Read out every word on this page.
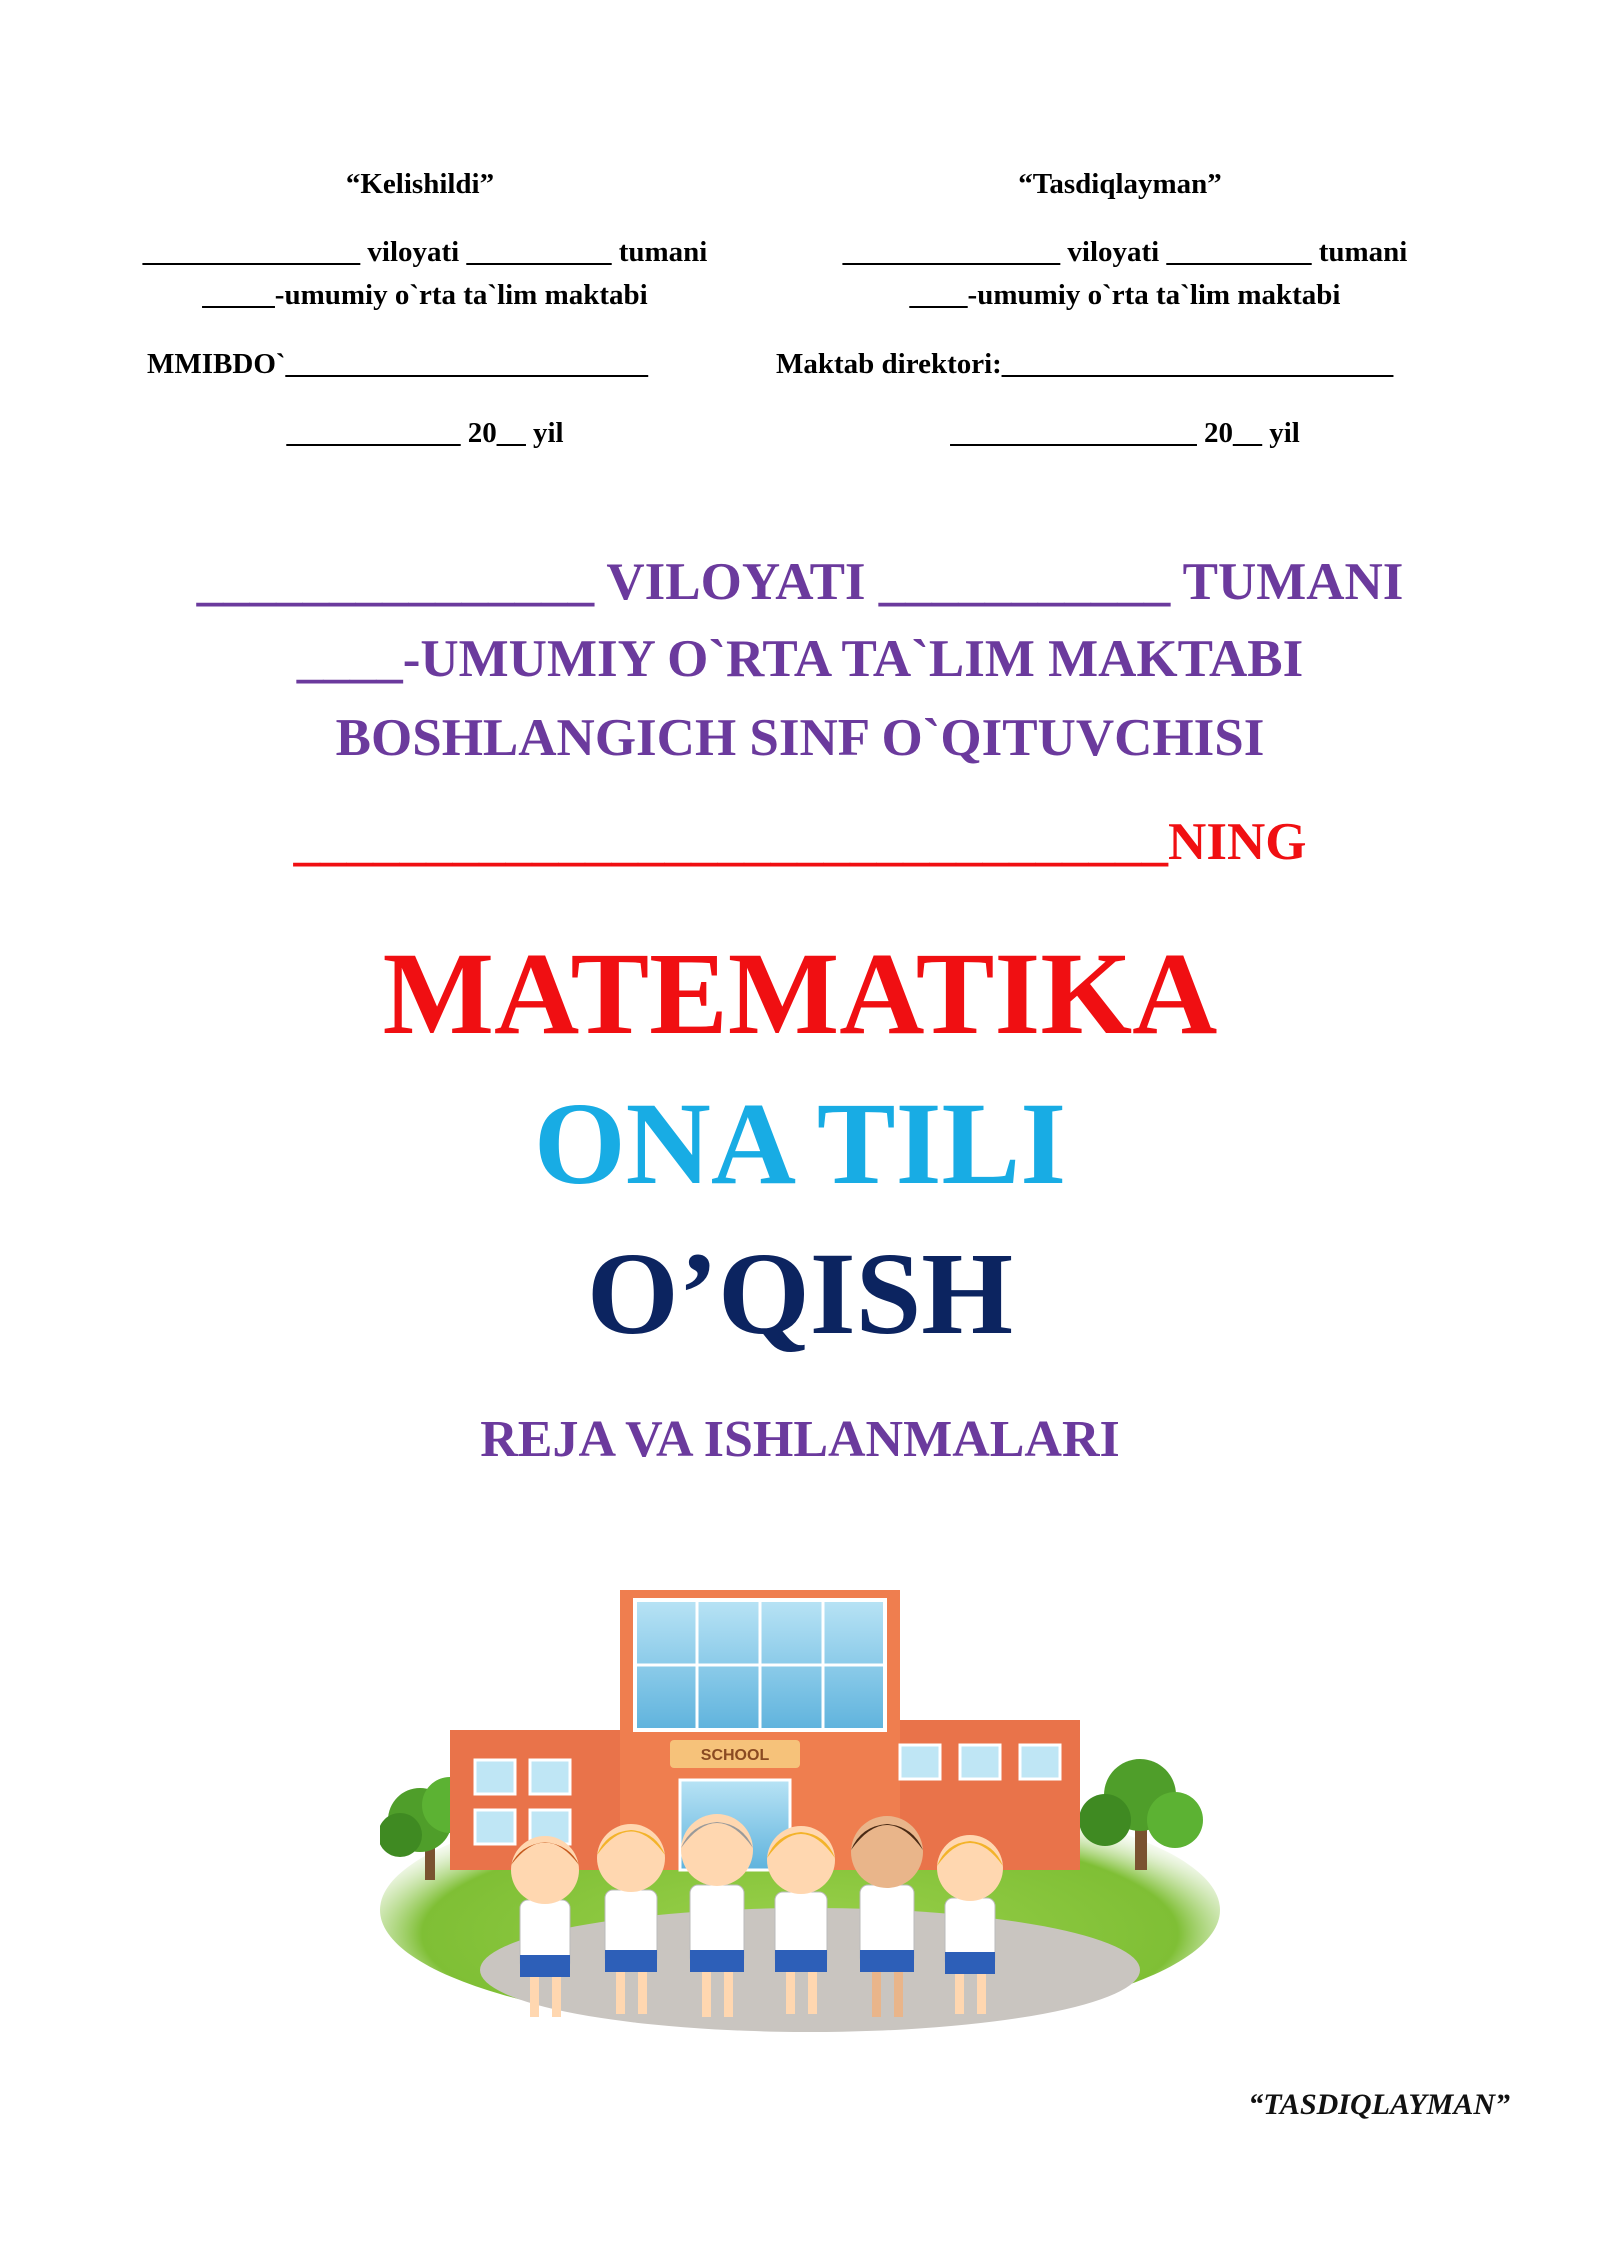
“Kelishildi”
_______________ viloyati __________ tumani
_____-umumiy o`rta ta`lim maktabi
MMIBDO`_________________________
____________ 20__ yil
“Tasdiqlayman”
_______________ viloyati __________ tumani
____-umumiy o`rta ta`lim maktabi
Maktab direktori:___________________________
_________________ 20__ yil
_______________ VILOYATI ___________ TUMANI
____-UMUMIY O`RTA TA`LIM MAKTABI
BOSHLANGICH SINF O`QITUVCHISI
_________________________________NING
MATEMATIKA
ONA TILI
O’QISH
REJA VA ISHLANMALARI
SCHOOL
“TASDIQLAYMAN”
